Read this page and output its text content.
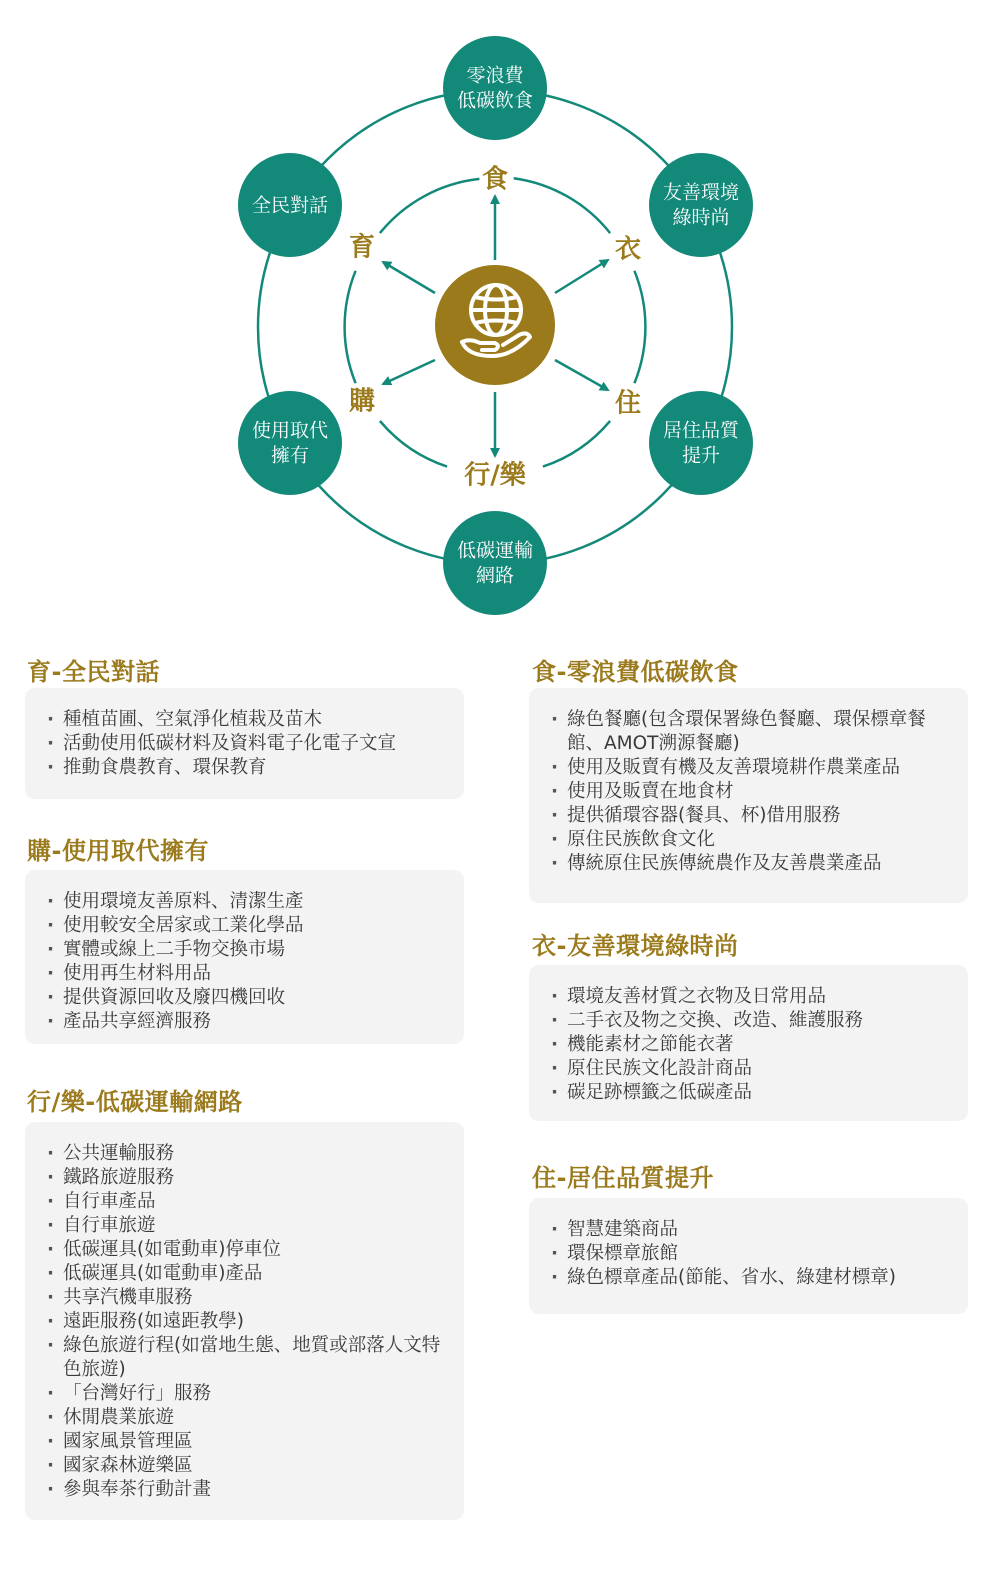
食
衣
住
行/樂
購
育
零浪費
低碳飲食
友善環境
綠時尚
居住品質
提升
低碳運輸
網路
使用取代
擁有
全民對話
育-全民對話
· 種植苗圃、空氣淨化植栽及苗木
· 活動使用低碳材料及資料電子化電子文宣
· 推動食農教育、環保教育
購-使用取代擁有
· 使用環境友善原料、清潔生產
· 使用較安全居家或工業化學品
· 實體或線上二手物交換市場
· 使用再生材料用品
· 提供資源回收及廢四機回收
· 產品共享經濟服務
行/樂-低碳運輸網路
· 公共運輸服務
· 鐵路旅遊服務
· 自行車產品
· 自行車旅遊
· 低碳運具(如電動車)停車位
· 低碳運具(如電動車)產品
· 共享汽機車服務
· 遠距服務(如遠距教學)
· 綠色旅遊行程(如當地生態、地質或部落人文特色旅遊)
· 「台灣好行」服務
· 休閒農業旅遊
· 國家風景管理區
· 國家森林遊樂區
· 參與奉茶行動計畫
食-零浪費低碳飲食
· 綠色餐廳(包含環保署綠色餐廳、環保標章餐館、AMOT溯源餐廳)
· 使用及販賣有機及友善環境耕作農業產品
· 使用及販賣在地食材
· 提供循環容器(餐具、杯)借用服務
· 原住民族飲食文化
· 傳統原住民族傳統農作及友善農業產品
衣-友善環境綠時尚
· 環境友善材質之衣物及日常用品
· 二手衣及物之交換、改造、維護服務
· 機能素材之節能衣著
· 原住民族文化設計商品
· 碳足跡標籤之低碳產品
住-居住品質提升
· 智慧建築商品
· 環保標章旅館
· 綠色標章產品(節能、省水、綠建材標章)
